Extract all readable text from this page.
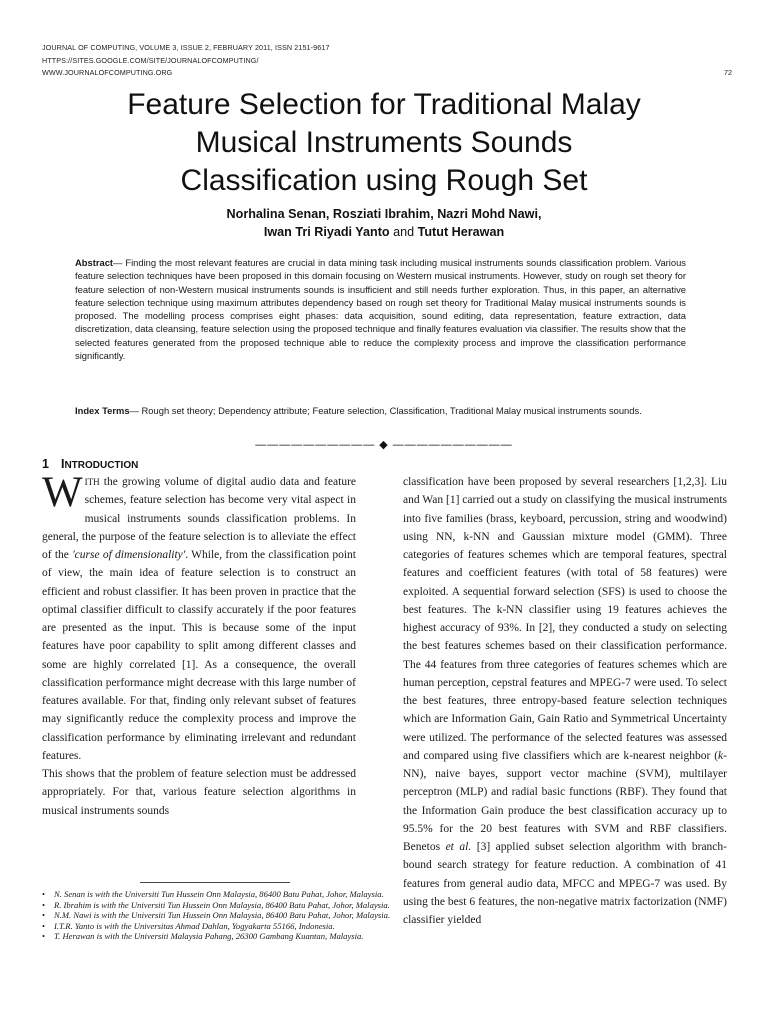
JOURNAL OF COMPUTING, VOLUME 3, ISSUE 2, FEBRUARY 2011, ISSN 2151-9617
HTTPS://SITES.GOOGLE.COM/SITE/JOURNALOFCOMPUTING/
WWW.JOURNALOFCOMPUTING.ORG	72
Feature Selection for Traditional Malay
Musical Instruments Sounds
Classification using Rough Set
Norhalina Senan, Rosziati Ibrahim, Nazri Mohd Nawi,
Iwan Tri Riyadi Yanto and Tutut Herawan
Abstract— Finding the most relevant features are crucial in data mining task including musical instruments sounds classification problem. Various feature selection techniques have been proposed in this domain focusing on Western musical instruments. However, study on rough set theory for feature selection of non-Western musical instruments sounds is insufficient and still needs further exploration. Thus, in this paper, an alternative feature selection technique using maximum attributes dependency based on rough set theory for Traditional Malay musical instruments sounds is proposed. The modelling process comprises eight phases: data acquisition, sound editing, data representation, feature extraction, data discretization, data cleansing, feature selection using the proposed technique and finally features evaluation via classifier. The results show that the selected features generated from the proposed technique able to reduce the complexity process and improve the classification performance significantly.
Index Terms— Rough set theory; Dependency attribute; Feature selection, Classification, Traditional Malay musical instruments sounds.
—————————— ◆ ——————————
1 INTRODUCTION
WITH the growing volume of digital audio data and feature schemes, feature selection has become very vital aspect in musical instruments sounds classification problems. In general, the purpose of the feature selection is to alleviate the effect of the 'curse of dimensionality'. While, from the classification point of view, the main idea of feature selection is to construct an efficient and robust classifier. It has been proven in practice that the optimal classifier difficult to classify accurately if the poor features are presented as the input. This is because some of the input features have poor capability to split among different classes and some are highly correlated [1]. As a consequence, the overall classification performance might decrease with this large number of features available. For that, finding only relevant subset of features may significantly reduce the complexity process and improve the classification performance by eliminating irrelevant and redundant features.
This shows that the problem of feature selection must be addressed appropriately. For that, various feature selection algorithms in musical instruments sounds
classification have been proposed by several researchers [1,2,3]. Liu and Wan [1] carried out a study on classifying the musical instruments into five families (brass, keyboard, percussion, string and woodwind) using NN, k-NN and Gaussian mixture model (GMM). Three categories of features schemes which are temporal features, spectral features and coefficient features (with total of 58 features) were exploited. A sequential forward selection (SFS) is used to choose the best features. The k-NN classifier using 19 features achieves the highest accuracy of 93%. In [2], they conducted a study on selecting the best features schemes based on their classification performance. The 44 features from three categories of features schemes which are human perception, cepstral features and MPEG-7 were used. To select the best features, three entropy-based feature selection techniques which are Information Gain, Gain Ratio and Symmetrical Uncertainty were utilized. The performance of the selected features was assessed and compared using five classifiers which are k-nearest neighbor (k-NN), naive bayes, support vector machine (SVM), multilayer perceptron (MLP) and radial basic functions (RBF). They found that the Information Gain produce the best classification accuracy up to 95.5% for the 20 best features with SVM and RBF classifiers. Benetos et al. [3] applied subset selection algorithm with branch-bound search strategy for feature reduction. A combination of 41 features from general audio data, MFCC and MPEG-7 was used. By using the best 6 features, the non-negative matrix factorization (NMF) classifier yielded
• N. Senan is with the Universiti Tun Hussein Onn Malaysia, 86400 Batu Pahat, Johor, Malaysia.
• R. Ibrahim is with the Universiti Tun Hussein Onn Malaysia, 86400 Batu Pahat, Johor, Malaysia.
• N.M. Nawi is with the Universiti Tun Hussein Onn Malaysia, 86400 Batu Pahat, Johor, Malaysia.
• I.T.R. Yanto is with the Universitas Ahmad Dahlan, Yogyakarta 55166, Indonesia.
• T. Herawan is with the Universiti Malaysia Pahang, 26300 Gambang Kuantan, Malaysia.
